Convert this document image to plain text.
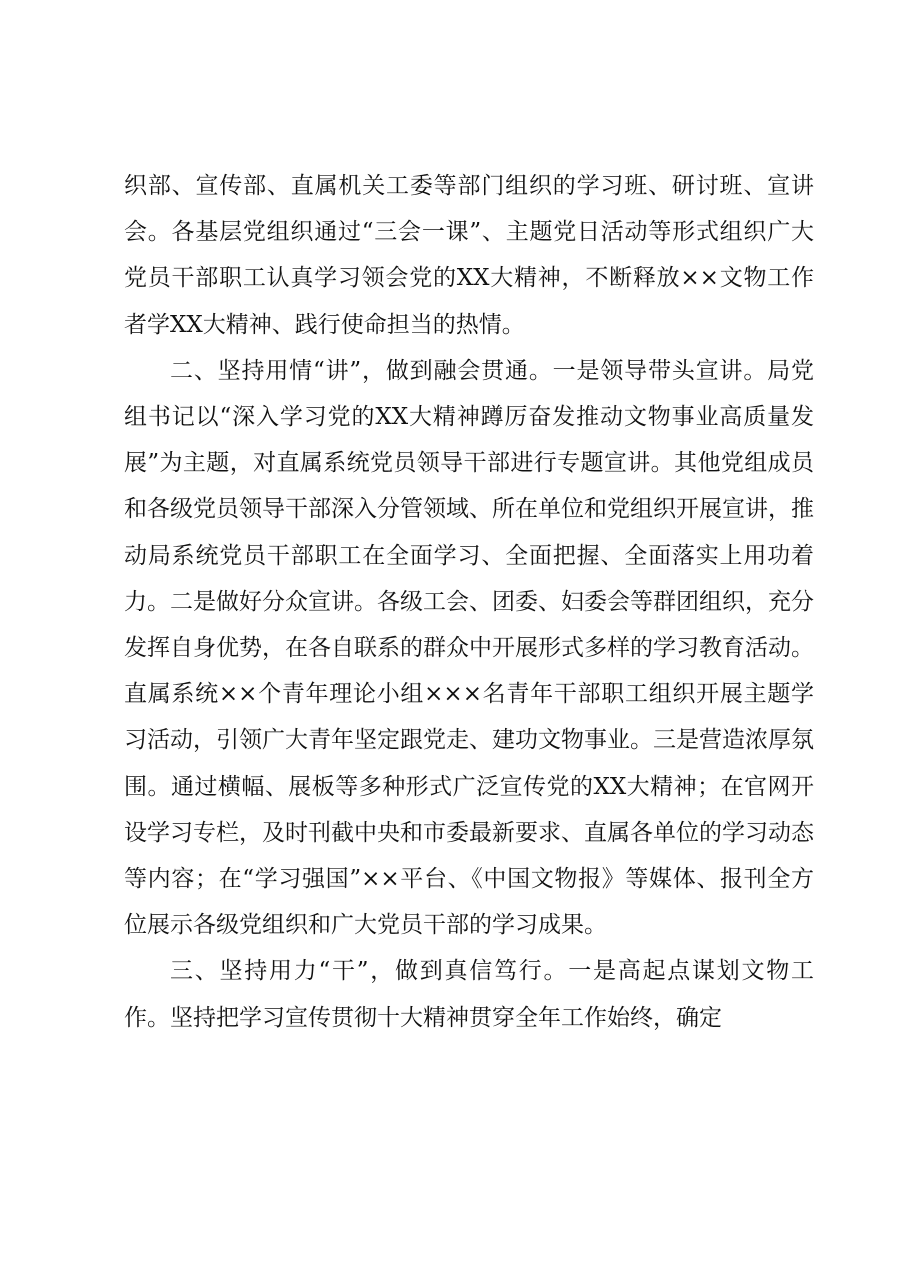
织部、宣传部、直属机关工委等部门组织的学习班、研讨班、宣讲会。各基层党组织通过“三会一课”、主题党日活动等形式组织广大党员干部职工认真学习领会党的XX大精神，不断释放××文物工作者学XX大精神、践行使命担当的热情。

二、坚持用情“讲”，做到融会贯通。一是领导带头宣讲。局党组书记以“深入学习党的XX大精神蹲厉奋发推动文物事业高质量发展”为主题，对直属系统党员领导干部进行专题宣讲。其他党组成员和各级党员领导干部深入分管领域、所在单位和党组织开展宣讲，推动局系统党员干部职工在全面学习、全面把握、全面落实上用功着力。二是做好分众宣讲。各级工会、团委、妇委会等群团组织，充分发挥自身优势，在各自联系的群众中开展形式多样的学习教育活动。直属系统××个青年理论小组×××名青年干部职工组织开展主题学习活动，引领广大青年坚定跟党走、建功文物事业。三是营造浓厚氛围。通过横幅、展板等多种形式广泛宣传党的XX大精神；在官网开设学习专栏，及时刊截中央和市委最新要求、直属各单位的学习动态等内容；在“学习强国”××平台、《中国文物报》等媒体、报刊全方位展示各级党组织和广大党员干部的学习成果。

三、坚持用力“干”，做到真信笃行。一是高起点谋划文物工作。坚持把学习宣传贯彻十大精神贯穿全年工作始终，确定
